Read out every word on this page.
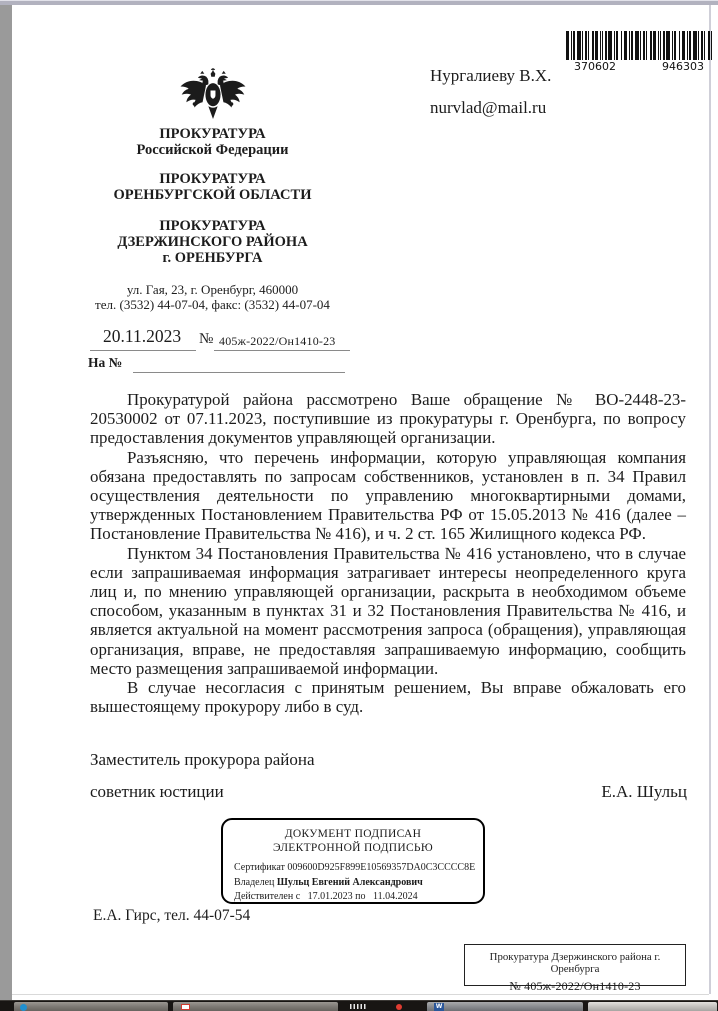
370602	946303
Нургалиеву В.Х.
nurvlad@mail.ru
ПРОКУРАТУРА
Российской Федерации
ПРОКУРАТУРА
ОРЕНБУРГСКОЙ ОБЛАСТИ
ПРОКУРАТУРА
ДЗЕРЖИНСКОГО РАЙОНА
г. ОРЕНБУРГА
ул. Гая, 23, г. Оренбург, 460000
тел. (3532) 44-07-04, факс: (3532) 44-07-04
20.11.2023 № 405ж-2022/Он1410-23
На №

Прокуратурой района рассмотрено Ваше обращение № ВО-2448-23-20530002 от 07.11.2023, поступившие из прокуратуры г. Оренбурга, по вопросу предоставления документов управляющей организации.

Разъясняю, что перечень информации, которую управляющая компания обязана предоставлять по запросам собственников, установлен в п. 34 Правил осуществления деятельности по управлению многоквартирными домами, утвержденных Постановлением Правительства РФ от 15.05.2013 № 416 (далее – Постановление Правительства № 416), и ч. 2 ст. 165 Жилищного кодекса РФ.

Пунктом 34 Постановления Правительства № 416 установлено, что в случае если запрашиваемая информация затрагивает интересы неопределенного круга лиц и, по мнению управляющей организации, раскрыта в необходимом объеме способом, указанным в пунктах 31 и 32 Постановления Правительства № 416, и является актуальной на момент рассмотрения запроса (обращения), управляющая организация, вправе, не предоставляя запрашиваемую информацию, сообщить место размещения запрашиваемой информации.

В случае несогласия с принятым решением, Вы вправе обжаловать его вышестоящему прокурору либо в суд.

Заместитель прокурора района
советник юстиции	Е.А. Шульц
ДОКУМЕНТ ПОДПИСАН
ЭЛЕКТРОННОЙ ПОДПИСЬЮ
Сертификат 009600D925F899E10569357DA0C3CCCC8E
Владелец Шульц Евгений Александрович
Действителен с 17.01.2023 по 11.04.2024
Е.А. Гирс, тел. 44-07-54
Прокуратура Дзержинского района г. Оренбурга
№ 405ж-2022/Он1410-23
W
